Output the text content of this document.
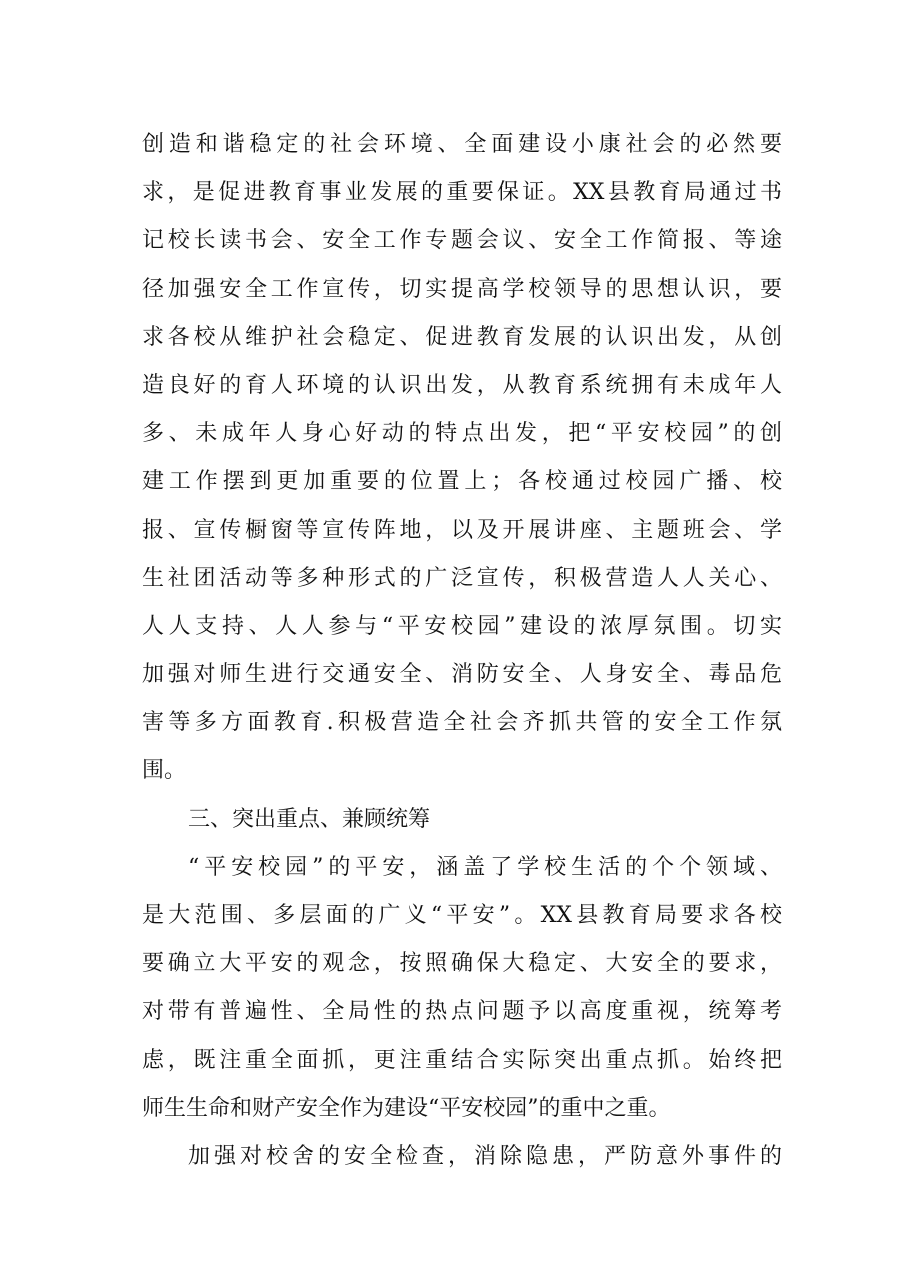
创造和谐稳定的社会环境、全面建设小康社会的必然要
求，是促进教育事业发展的重要保证。XX县教育局通过书
记校长读书会、安全工作专题会议、安全工作简报、等途
径加强安全工作宣传，切实提高学校领导的思想认识，要
求各校从维护社会稳定、促进教育发展的认识出发，从创
造良好的育人环境的认识出发，从教育系统拥有未成年人
多、未成年人身心好动的特点出发，把“平安校园”的创
建工作摆到更加重要的位置上；各校通过校园广播、校
报、宣传橱窗等宣传阵地，以及开展讲座、主题班会、学
生社团活动等多种形式的广泛宣传，积极营造人人关心、
人人支持、人人参与“平安校园”建设的浓厚氛围。切实
加强对师生进行交通安全、消防安全、人身安全、毒品危
害等多方面教育.积极营造全社会齐抓共管的安全工作氛
围。
三、突出重点、兼顾统筹
“平安校园”的平安，涵盖了学校生活的个个领域、
是大范围、多层面的广义“平安”。XX县教育局要求各校
要确立大平安的观念，按照确保大稳定、大安全的要求，
对带有普遍性、全局性的热点问题予以高度重视，统筹考
虑，既注重全面抓，更注重结合实际突出重点抓。始终把
师生生命和财产安全作为建设“平安校园”的重中之重。
加强对校舍的安全检查，消除隐患，严防意外事件的
